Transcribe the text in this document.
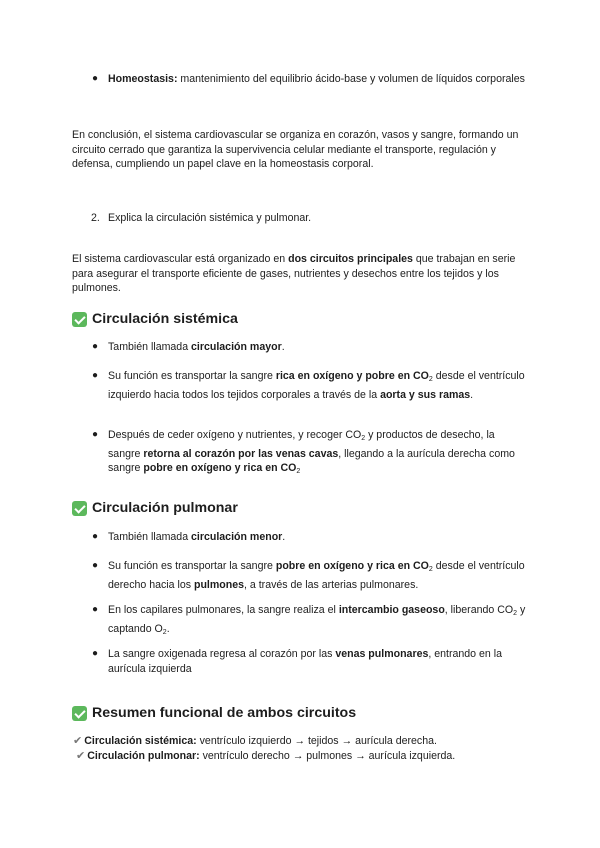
● Homeostasis: mantenimiento del equilibrio ácido-base y volumen de líquidos corporales
En conclusión, el sistema cardiovascular se organiza en corazón, vasos y sangre, formando un circuito cerrado que garantiza la supervivencia celular mediante el transporte, regulación y defensa, cumpliendo un papel clave en la homeostasis corporal.
2. Explica la circulación sistémica y pulmonar.
El sistema cardiovascular está organizado en dos circuitos principales que trabajan en serie para asegurar el transporte eficiente de gases, nutrientes y desechos entre los tejidos y los pulmones.
Circulación sistémica
● También llamada circulación mayor.
● Su función es transportar la sangre rica en oxígeno y pobre en $CO_2$ desde el ventrículo izquierdo hacia todos los tejidos corporales a través de la aorta y sus ramas.
● Después de ceder oxígeno y nutrientes, y recoger $CO_2$ y productos de desecho, la sangre retorna al corazón por las venas cavas, llegando a la aurícula derecha como sangre pobre en oxígeno y rica en $CO_2$
Circulación pulmonar
● También llamada circulación menor.
● Su función es transportar la sangre pobre en oxígeno y rica en $CO_2$ desde el ventrículo derecho hacia los pulmones, a través de las arterias pulmonares.
● En los capilares pulmonares, la sangre realiza el intercambio gaseoso, liberando $CO_2$ y captando $O_2$.
● La sangre oxigenada regresa al corazón por las venas pulmonares, entrando en la aurícula izquierda
Resumen funcional de ambos circuitos
✔ Circulación sistémica: ventrículo izquierdo → tejidos → aurícula derecha.
✔ Circulación pulmonar: ventrículo derecho → pulmones → aurícula izquierda.
